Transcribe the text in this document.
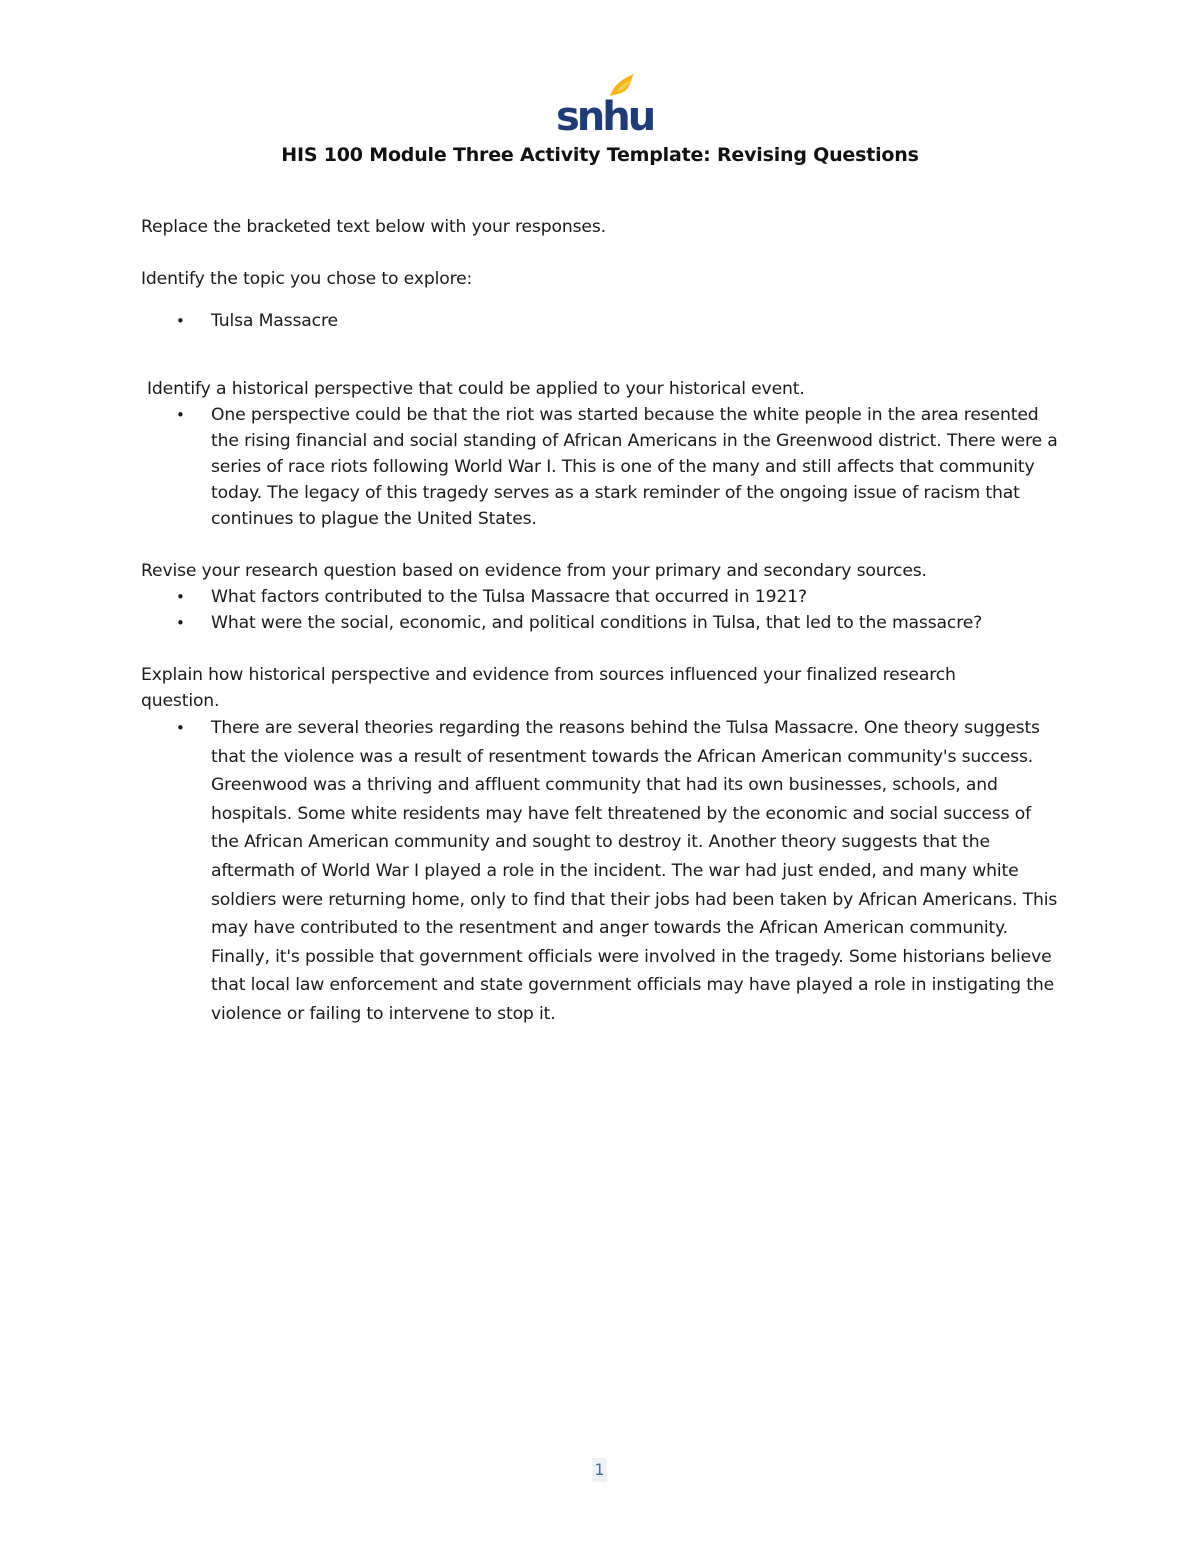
snhu
HIS 100 Module Three Activity Template: Revising Questions

Replace the bracketed text below with your responses.

Identify the topic you chose to explore:

• Tulsa Massacre

Identify a historical perspective that could be applied to your historical event.

• One perspective could be that the riot was started because the white people in the area resented the rising financial and social standing of African Americans in the Greenwood district. There were a series of race riots following World War I. This is one of the many and still affects that community today. The legacy of this tragedy serves as a stark reminder of the ongoing issue of racism that continues to plague the United States.

Revise your research question based on evidence from your primary and secondary sources.

• What factors contributed to the Tulsa Massacre that occurred in 1921?
• What were the social, economic, and political conditions in Tulsa, that led to the massacre?

Explain how historical perspective and evidence from sources influenced your finalized research question.

• There are several theories regarding the reasons behind the Tulsa Massacre. One theory suggests that the violence was a result of resentment towards the African American community's success. Greenwood was a thriving and affluent community that had its own businesses, schools, and hospitals. Some white residents may have felt threatened by the economic and social success of the African American community and sought to destroy it. Another theory suggests that the aftermath of World War I played a role in the incident. The war had just ended, and many white soldiers were returning home, only to find that their jobs had been taken by African Americans. This may have contributed to the resentment and anger towards the African American community. Finally, it's possible that government officials were involved in the tragedy. Some historians believe that local law enforcement and state government officials may have played a role in instigating the violence or failing to intervene to stop it.
1
